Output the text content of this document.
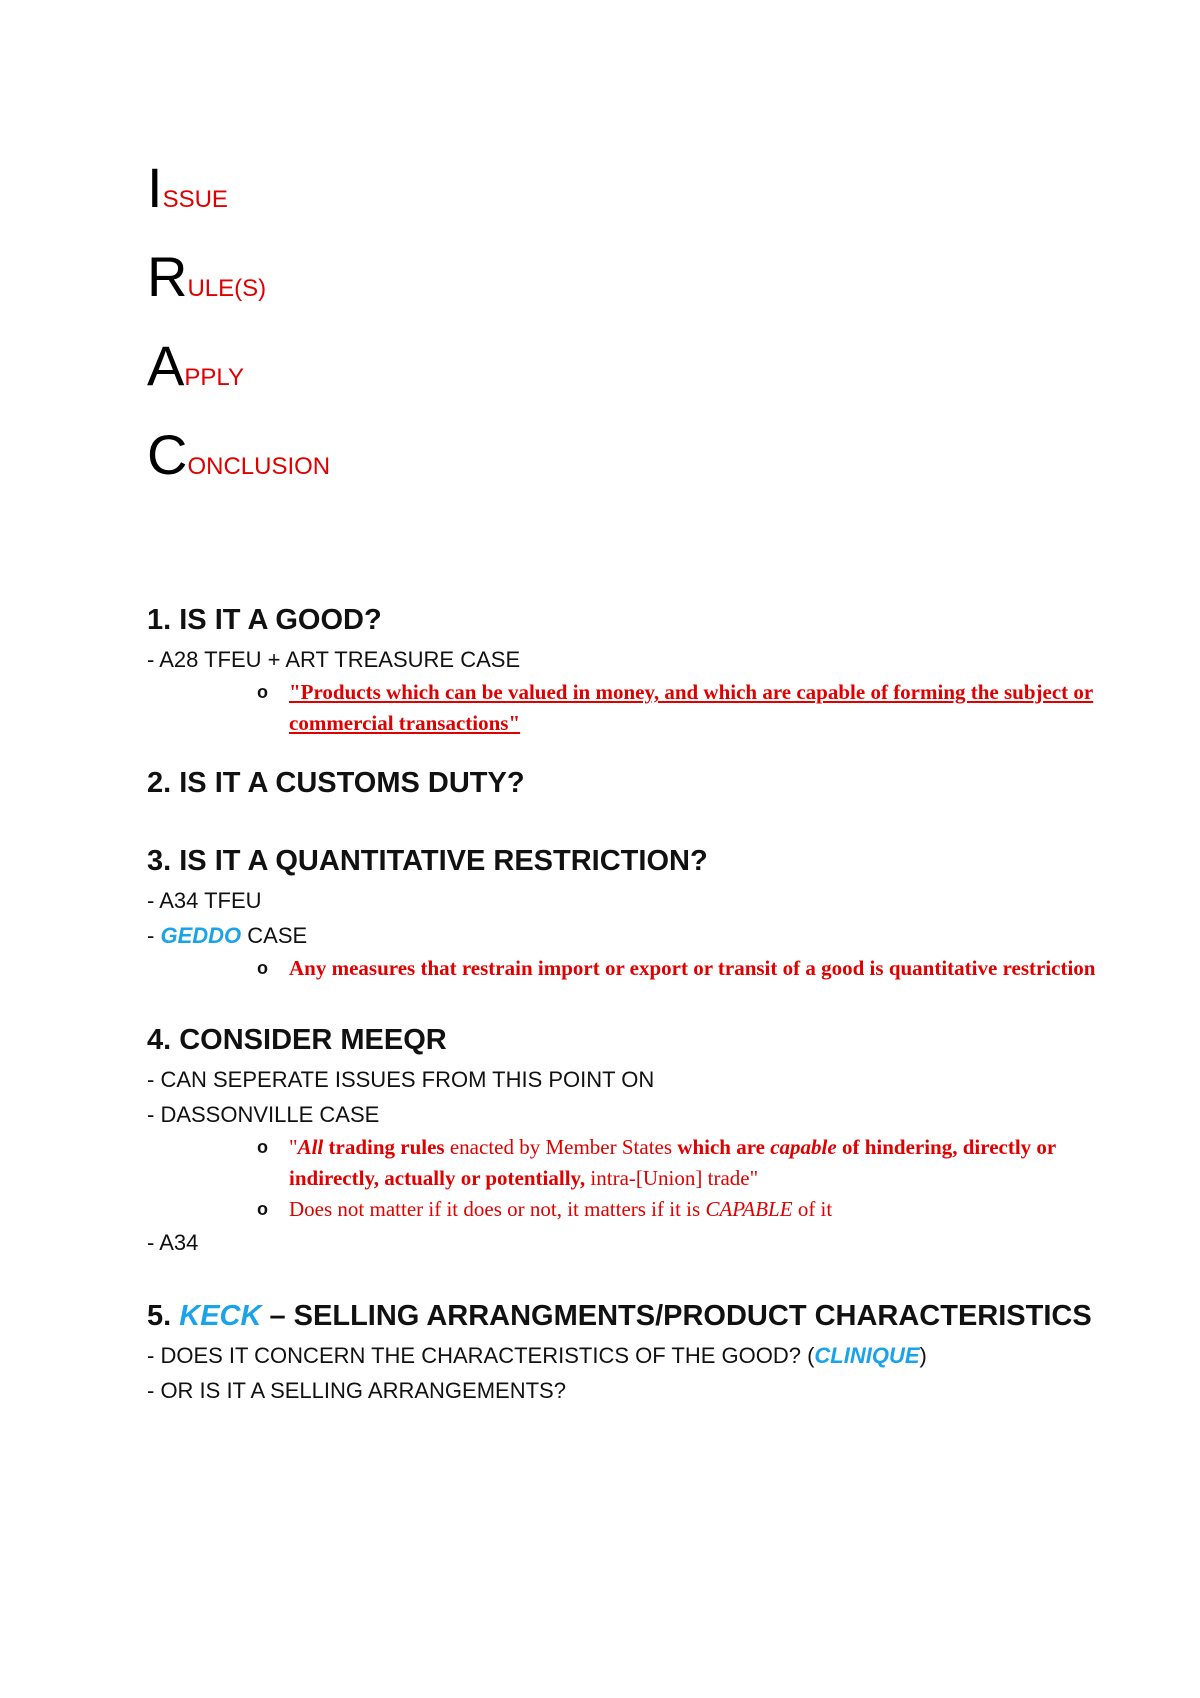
I SSUE
R ULE(S)
A PPLY
C ONCLUSION
1. IS IT A GOOD?
- A28 TFEU + ART TREASURE CASE
o "Products which can be valued in money, and which are capable of forming the subject or commercial transactions"
2. IS IT A CUSTOMS DUTY?
3. IS IT A QUANTITATIVE RESTRICTION?
- A34 TFEU
- GEDDO CASE
o Any measures that restrain import or export or transit of a good is quantitative restriction
4. CONSIDER MEEQR
- CAN SEPERATE ISSUES FROM THIS POINT ON
- DASSONVILLE CASE
o "All trading rules enacted by Member States which are capable of hindering, directly or indirectly, actually or potentially, intra-[Union] trade"
o Does not matter if it does or not, it matters if it is CAPABLE of it
- A34
5. KECK – SELLING ARRANGMENTS/PRODUCT CHARACTERISTICS
- DOES IT CONCERN THE CHARACTERISTICS OF THE GOOD? (CLINIQUE)
- OR IS IT A SELLING ARRANGEMENTS?
